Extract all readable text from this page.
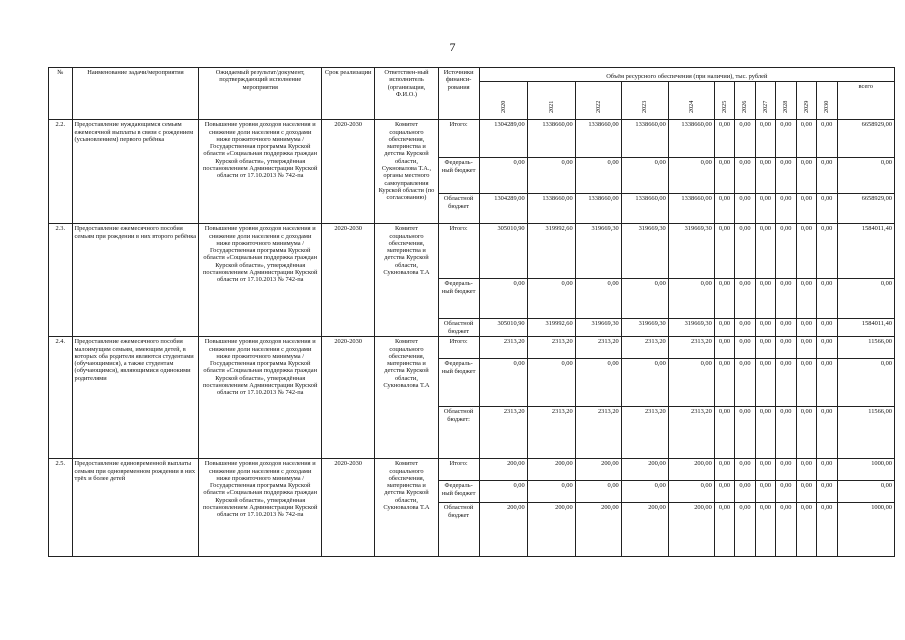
7
№	Наименование задачи/мероприятия	Ожидаемый результат/документ, подтверждающий исполнение мероприятия	Срок реализации	Ответствен-ный исполнитель (организация, Ф.И.О.)	Источники финанси-рования	Объём ресурсного обеспечения (при наличии), тыс. рублей											

						2020	2021	2022	2023	2024	2025	2026	2027	2028	2029	2030	всего
2.2.	Предоставление нуждающимся семьям ежемесячной выплаты в связи с рождением (усыновлением) первого ребёнка	Повышение уровня доходов населения и снижение доли населения с доходами ниже прожиточного минимума / Государственная программа Курской области «Социальная поддержка граждан Курской области», утверждённая постановлением Администрации Курской области от 17.10.2013 № 742-па	2020-2030	Комитет социального обеспечения, материнства и детства Курской области, Сукновалова Т.А., органы местного самоуправления Курской области (по согласованию)	Итого:	1304289,00	1338660,00	1338660,00	1338660,00	1338660,00	0,00	0,00	0,00	0,00	0,00	0,00	6658929,00
					Федераль-ный бюджет	0,00	0,00	0,00	0,00	0,00	0,00	0,00	0,00	0,00	0,00	0,00	0,00
					Областной бюджет	1304289,00	1338660,00	1338660,00	1338660,00	1338660,00	0,00	0,00	0,00	0,00	0,00	0,00	6658929,00
2.3.	Предоставление ежемесячного пособия семьям при рождении в них второго ребёнка	Повышение уровня доходов населения и снижение доли населения с доходами ниже прожиточного минимума / Государственная программа Курской области «Социальная поддержка граждан Курской области», утверждённая постановлением Администрации Курской области от 17.10.2013 № 742-па	2020-2030	Комитет социального обеспечения, материнства и детства Курской области, Сукновалова Т.А	Итого:	305010,90	319992,60	319669,30	319669,30	319669,30	0,00	0,00	0,00	0,00	0,00	0,00	1584011,40
					Федераль-ный бюджет	0,00	0,00	0,00	0,00	0,00	0,00	0,00	0,00	0,00	0,00	0,00	0,00
					Областной бюджет	305010,90	319992,60	319669,30	319669,30	319669,30	0,00	0,00	0,00	0,00	0,00	0,00	1584011,40
2.4.	Предоставление ежемесячного пособия малоимущим семьям, имеющим детей, в которых оба родителя являются студентами (обучающимися), а также студентам (обучающимся), являющимися одинокими родителями	Повышение уровня доходов населения и снижение доли населения с доходами ниже прожиточного минимума / Государственная программа Курской области «Социальная поддержка граждан Курской области», утверждённая постановлением Администрации Курской области от 17.10.2013 № 742-па	2020-2030	Комитет социального обеспечения, материнства и детства Курской области, Сукновалова Т.А	Итого:	2313,20	2313,20	2313,20	2313,20	2313,20	0,00	0,00	0,00	0,00	0,00	0,00	11566,00
					Федераль-ный бюджет	0,00	0,00	0,00	0,00	0,00	0,00	0,00	0,00	0,00	0,00	0,00	0,00
					Областной бюджет:	2313,20	2313,20	2313,20	2313,20	2313,20	0,00	0,00	0,00	0,00	0,00	0,00	11566,00
2.5.	Предоставление единовременной выплаты семьям при одновременном рождении в них трёх и более детей	Повышение уровня доходов населения и снижение доли населения с доходами ниже прожиточного минимума / Государственная программа Курской области «Социальная поддержка граждан Курской области», утверждённая постановлением Администрации Курской области от 17.10.2013 № 742-па	2020-2030	Комитет социального обеспечения, материнства и детства Курской области, Сукновалова Т.А	Итого:	200,00	200,00	200,00	200,00	200,00	0,00	0,00	0,00	0,00	0,00	0,00	1000,00
					Федераль-ный бюджет	0,00	0,00	0,00	0,00	0,00	0,00	0,00	0,00	0,00	0,00	0,00	0,00
					Областной бюджет	200,00	200,00	200,00	200,00	200,00	0,00	0,00	0,00	0,00	0,00	0,00	1000,00
